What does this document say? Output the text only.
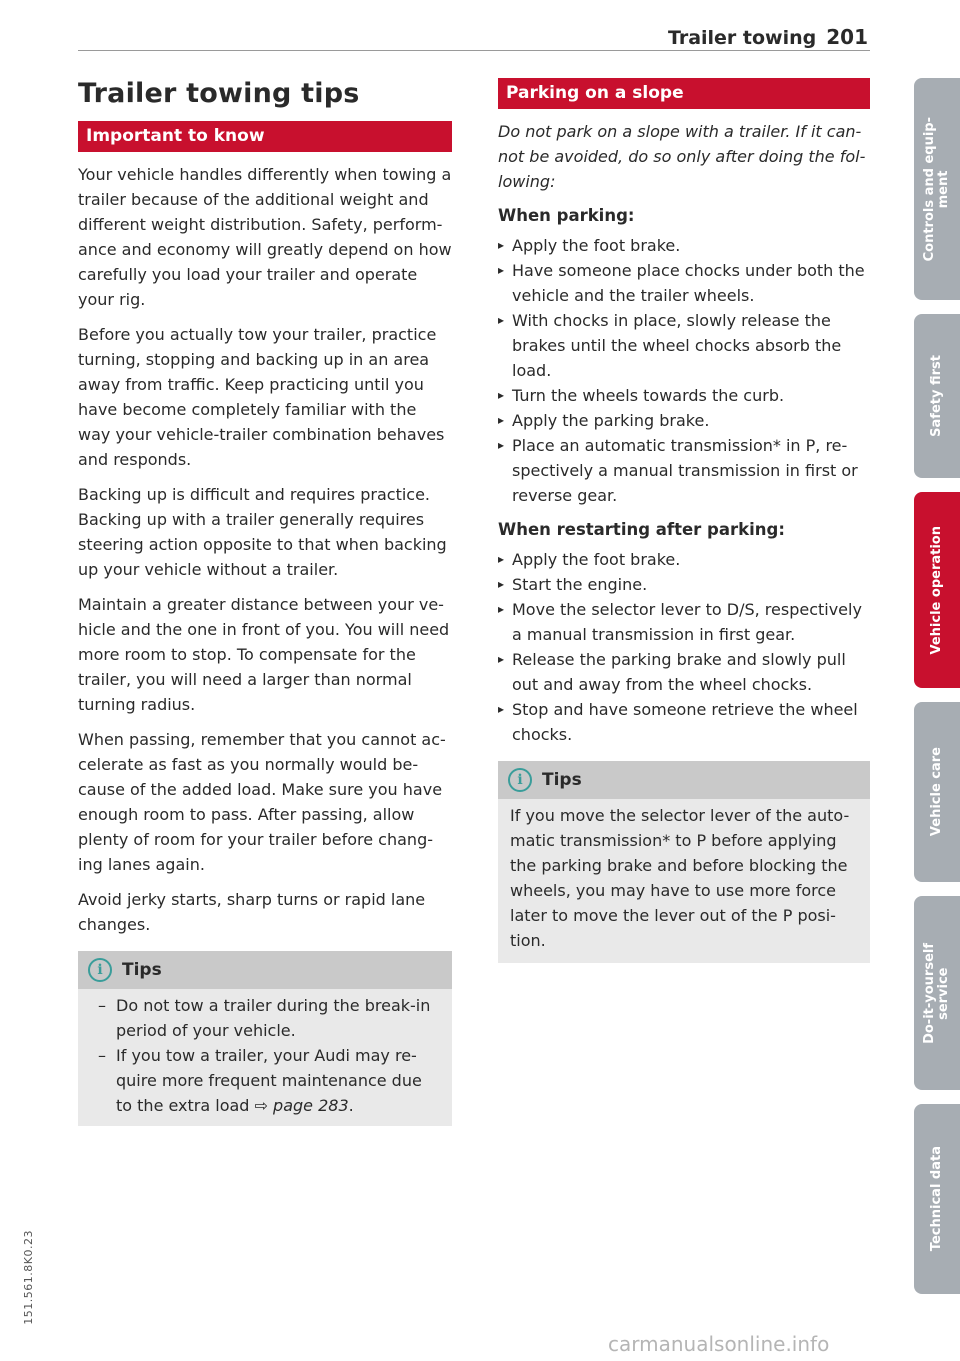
Trailer towing 201
Trailer towing tips
Important to know

Your vehicle handles differently when towing a trailer because of the additional weight and different weight distribution. Safety, perform- ance and economy will greatly depend on how carefully you load your trailer and operate your rig.

Before you actually tow your trailer, practice turning, stopping and backing up in an area away from traffic. Keep practicing until you have become completely familiar with the way your vehicle-trailer combination behaves and responds.

Backing up is difficult and requires practice. Backing up with a trailer generally requires steering action opposite to that when backing up your vehicle without a trailer.

Maintain a greater distance between your ve- hicle and the one in front of you. You will need more room to stop. To compensate for the trailer, you will need a larger than normal turning radius.

When passing, remember that you cannot ac- celerate as fast as you normally would be- cause of the added load. Make sure you have enough room to pass. After passing, allow plenty of room for your trailer before chang- ing lanes again.

Avoid jerky starts, sharp turns or rapid lane changes.

i	Tips
– Do not tow a trailer during the break-in period of your vehicle.
– If you tow a trailer, your Audi may re- quire more frequent maintenance due to the extra load ⇨ page 283.
Parking on a slope

Do not park on a slope with a trailer. If it can- not be avoided, do so only after doing the fol- lowing:

When parking:
▸ Apply the foot brake.
▸ Have someone place chocks under both the vehicle and the trailer wheels.
▸ With chocks in place, slowly release the brakes until the wheel chocks absorb the load.
▸ Turn the wheels towards the curb.
▸ Apply the parking brake.
▸ Place an automatic transmission* in P, re- spectively a manual transmission in first or reverse gear.
When restarting after parking:
▸ Apply the foot brake.
▸ Start the engine.
▸ Move the selector lever to D/S, respectively a manual transmission in first gear.
▸ Release the parking brake and slowly pull out and away from the wheel chocks.
▸ Stop and have someone retrieve the wheel chocks.
i	Tips

If you move the selector lever of the auto- matic transmission* to P before applying the parking brake and before blocking the wheels, you may have to use more force later to move the lever out of the P posi- tion.

Controls and equip-
ment
Safety first
Vehicle operation
Vehicle care
Do-it-yourself
service
Technical data
151.561.8K0.23
carmanualsonline.info
